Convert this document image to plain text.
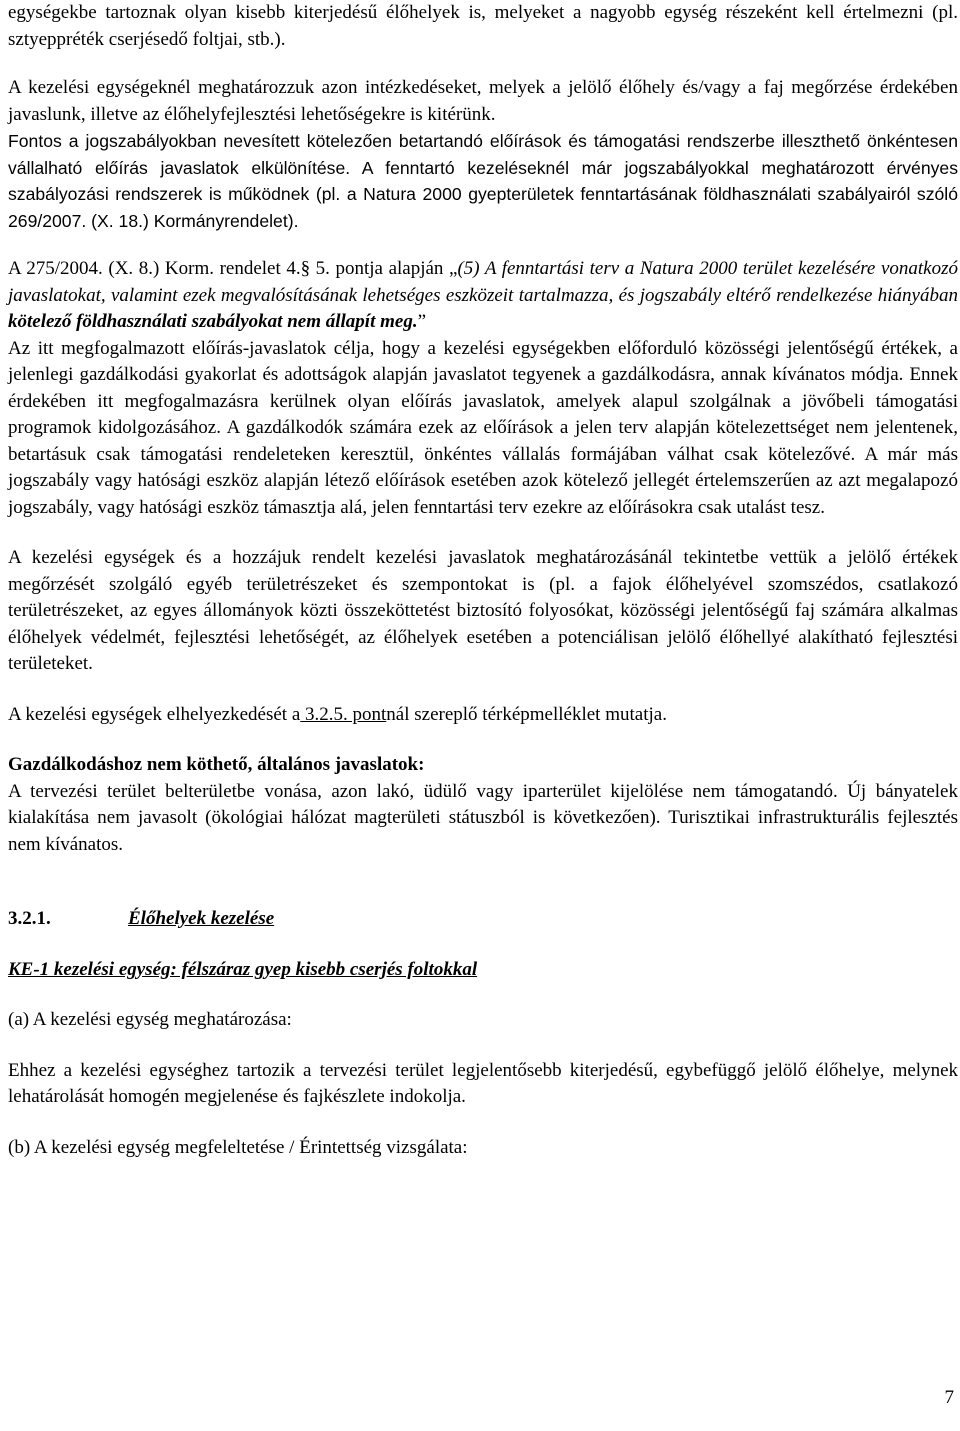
egységekbe tartoznak olyan kisebb kiterjedésű élőhelyek is, melyeket a nagyobb egység részeként kell értelmezni (pl. sztyeppréték cserjésedő foltjai, stb.).

A kezelési egységeknél meghatározzuk azon intézkedéseket, melyek a jelölő élőhely és/vagy a faj megőrzése érdekében javaslunk, illetve az élőhelyfejlesztési lehetőségekre is kitérünk.

Fontos a jogszabályokban nevesített kötelezően betartandó előírások és támogatási rendszerbe illeszthető önkéntesen vállalható előírás javaslatok elkülönítése. A fenntartó kezeléseknél már jogszabályokkal meghatározott érvényes szabályozási rendszerek is működnek (pl. a Natura 2000 gyepterületek fenntartásának földhasználati szabályairól szóló 269/2007. (X. 18.) Kormányrendelet).

A 275/2004. (X. 8.) Korm. rendelet 4.§ 5. pontja alapján „(5) A fenntartási terv a Natura 2000 terület kezelésére vonatkozó javaslatokat, valamint ezek megvalósításának lehetséges eszközeit tartalmazza, és jogszabály eltérő rendelkezése hiányában kötelező földhasználati szabályokat nem állapít meg.”

Az itt megfogalmazott előírás-javaslatok célja, hogy a kezelési egységekben előforduló közösségi jelentőségű értékek, a jelenlegi gazdálkodási gyakorlat és adottságok alapján javaslatot tegyenek a gazdálkodásra, annak kívánatos módja. Ennek érdekében itt megfogalmazásra kerülnek olyan előírás javaslatok, amelyek alapul szolgálnak a jövőbeli támogatási programok kidolgozásához. A gazdálkodók számára ezek az előírások a jelen terv alapján kötelezettséget nem jelentenek, betartásuk csak támogatási rendeleteken keresztül, önkéntes vállalás formájában válhat csak kötelezővé. A már más jogszabály vagy hatósági eszköz alapján létező előírások esetében azok kötelező jellegét értelemszerűen az azt megalapozó jogszabály, vagy hatósági eszköz támasztja alá, jelen fenntartási terv ezekre az előírásokra csak utalást tesz.

A kezelési egységek és a hozzájuk rendelt kezelési javaslatok meghatározásánál tekintetbe vettük a jelölő értékek megőrzését szolgáló egyéb területrészeket és szempontokat is (pl. a fajok élőhelyével szomszédos, csatlakozó területrészeket, az egyes állományok közti összeköttetést biztosító folyosókat, közösségi jelentőségű faj számára alkalmas élőhelyek védelmét, fejlesztési lehetőségét, az élőhelyek esetében a potenciálisan jelölő élőhellyé alakítható fejlesztési területeket.

A kezelési egységek elhelyezkedését a 3.2.5. pontnál szereplő térképmelléklet mutatja.

Gazdálkodáshoz nem köthető, általános javaslatok:

A tervezési terület belterületbe vonása, azon lakó, üdülő vagy iparterület kijelölése nem támogatandó. Új bányatelek kialakítása nem javasolt (ökológiai hálózat magterületi státuszból is következően). Turisztikai infrastrukturális fejlesztés nem kívánatos.

3.2.1.	Élőhelyek kezelése

KE-1 kezelési egység: félszáraz gyep kisebb cserjés foltokkal

(a) A kezelési egység meghatározása:

Ehhez a kezelési egységhez tartozik a tervezési terület legjelentősebb kiterjedésű, egybefüggő jelölő élőhelye, melynek lehatárolását homogén megjelenése és fajkészlete indokolja.

(b) A kezelési egység megfeleltetése / Érintettség vizsgálata:

7
